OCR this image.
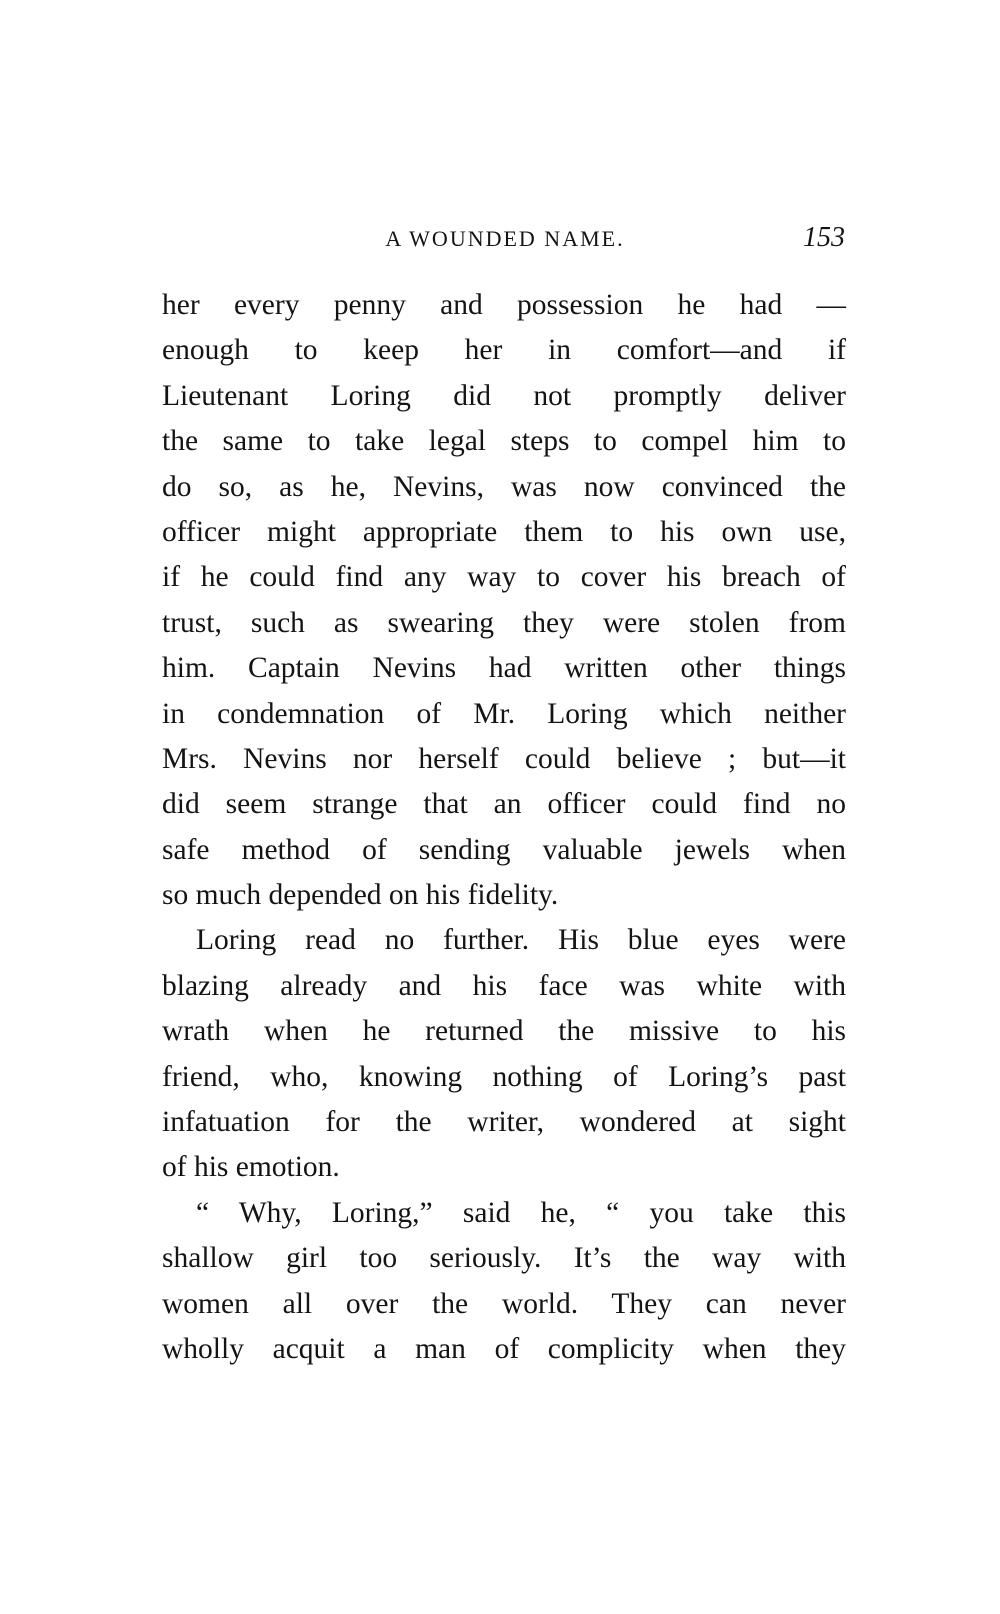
A WOUNDED NAME.	153
her every penny and possession he had —
enough to keep her in comfort—and if
Lieutenant Loring did not promptly deliver
the same to take legal steps to compel him to
do so, as he, Nevins, was now convinced the
officer might appropriate them to his own use,
if he could find any way to cover his breach of
trust, such as swearing they were stolen from
him. Captain Nevins had written other things
in condemnation of Mr. Loring which neither
Mrs. Nevins nor herself could believe ; but—it
did seem strange that an officer could find no
safe method of sending valuable jewels when
so much depended on his fidelity.
Loring read no further. His blue eyes were
blazing already and his face was white with
wrath when he returned the missive to his
friend, who, knowing nothing of Loring’s past
infatuation for the writer, wondered at sight
of his emotion.
“ Why, Loring,” said he, “ you take this
shallow girl too seriously. It’s the way with
women all over the world. They can never
wholly acquit a man of complicity when they
